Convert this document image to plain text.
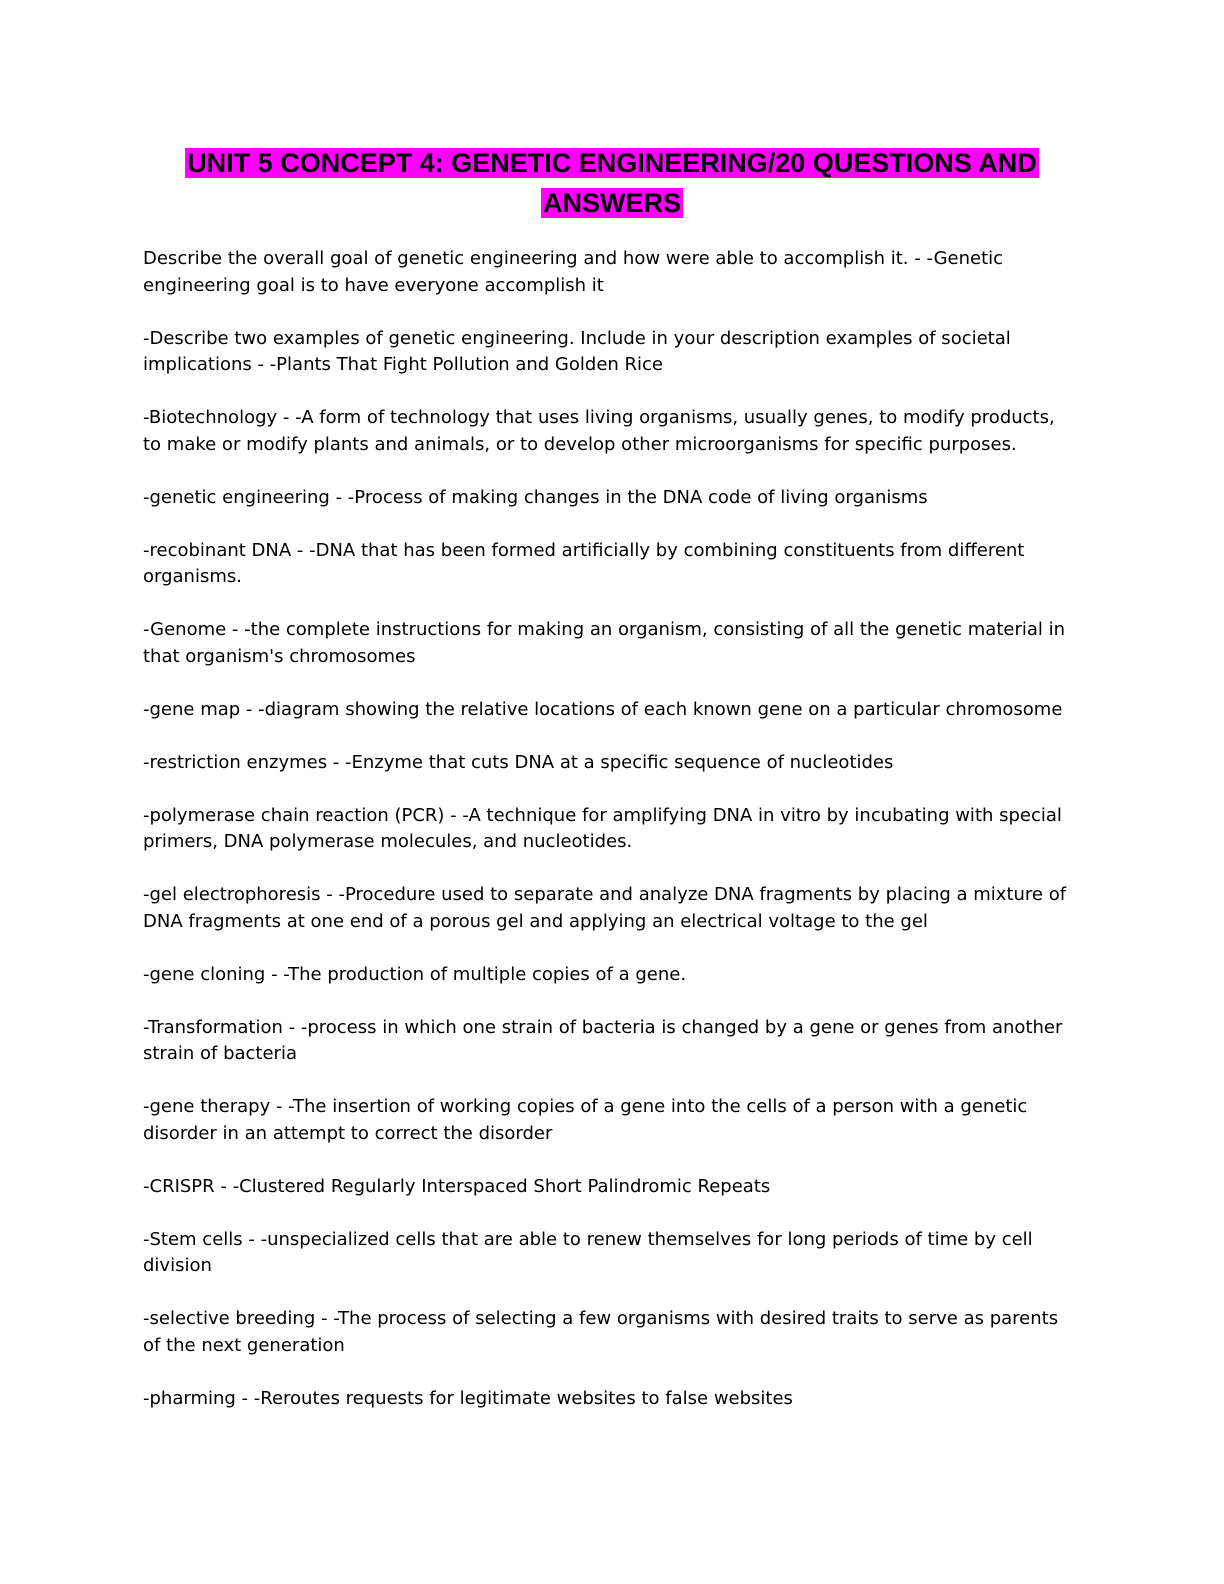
UNIT 5 CONCEPT 4: GENETIC ENGINEERING/20 QUESTIONS AND
ANSWERS

Describe the overall goal of genetic engineering and how were able to accomplish it. - -Genetic engineering goal is to have everyone accomplish it

-Describe two examples of genetic engineering. Include in your description examples of societal implications - -Plants That Fight Pollution and Golden Rice

-Biotechnology - -A form of technology that uses living organisms, usually genes, to modify products, to make or modify plants and animals, or to develop other microorganisms for specific purposes.

-genetic engineering - -Process of making changes in the DNA code of living organisms

-recobinant DNA - -DNA that has been formed artificially by combining constituents from different organisms.

-Genome - -the complete instructions for making an organism, consisting of all the genetic material in that organism's chromosomes

-gene map - -diagram showing the relative locations of each known gene on a particular chromosome

-restriction enzymes - -Enzyme that cuts DNA at a specific sequence of nucleotides

-polymerase chain reaction (PCR) - -A technique for amplifying DNA in vitro by incubating with special primers, DNA polymerase molecules, and nucleotides.

-gel electrophoresis - -Procedure used to separate and analyze DNA fragments by placing a mixture of DNA fragments at one end of a porous gel and applying an electrical voltage to the gel

-gene cloning - -The production of multiple copies of a gene.

-Transformation - -process in which one strain of bacteria is changed by a gene or genes from another strain of bacteria

-gene therapy - -The insertion of working copies of a gene into the cells of a person with a genetic disorder in an attempt to correct the disorder

-CRISPR - -Clustered Regularly Interspaced Short Palindromic Repeats

-Stem cells - -unspecialized cells that are able to renew themselves for long periods of time by cell division

-selective breeding - -The process of selecting a few organisms with desired traits to serve as parents of the next generation

-pharming - -Reroutes requests for legitimate websites to false websites
